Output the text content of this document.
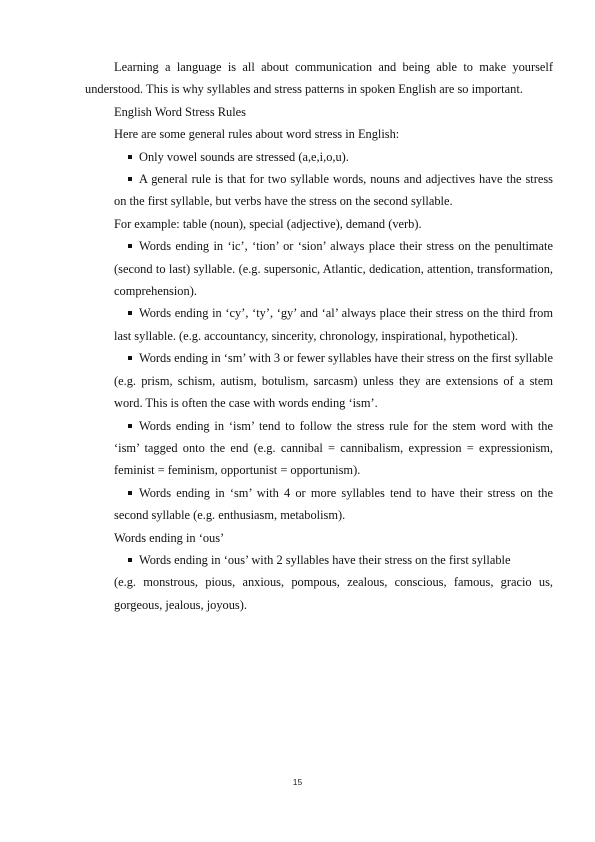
Learning a language is all about communication and being able to make yourself understood. This is why syllables and stress patterns in spoken English are so important.

English Word Stress Rules

Here are some general rules about word stress in English:

Only vowel sounds are stressed (a,e,i,o,u).
A general rule is that for two syllable words, nouns and adjectives have the stress on the first syllable, but verbs have the stress on the second syllable.

For example: table (noun), special (adjective), demand (verb).

Words ending in ‘ic’, ‘tion’ or ‘sion’ always place their stress on the penultimate (second to last) syllable. (e.g. supersonic, Atlantic, dedication, attention, transformation, comprehension).
Words ending in ‘cy’, ‘ty’, ‘gy’ and ‘al’ always place their stress on the third from last syllable. (e.g. accountancy, sincerity, chronology, inspirational, hypothetical).
Words ending in ‘sm’ with 3 or fewer syllables have their stress on the first syllable (e.g. prism, schism, autism, botulism, sarcasm) unless they are extensions of a stem word. This is often the case with words ending ‘ism’.
Words ending in ‘ism’ tend to follow the stress rule for the stem word with the ‘ism’ tagged onto the end (e.g. cannibal = cannibalism, expression = expressionism, feminist = feminism, opportunist = opportunism).
Words ending in ‘sm’ with 4 or more syllables tend to have their stress on the second syllable (e.g. enthusiasm, metabolism).

Words ending in ‘ous’

Words ending in ‘ous’ with 2 syllables have their stress on the first syllable

(e.g. monstrous, pious, anxious, pompous, zealous, conscious, famous, gracio us, gorgeous, jealous, joyous).

15
